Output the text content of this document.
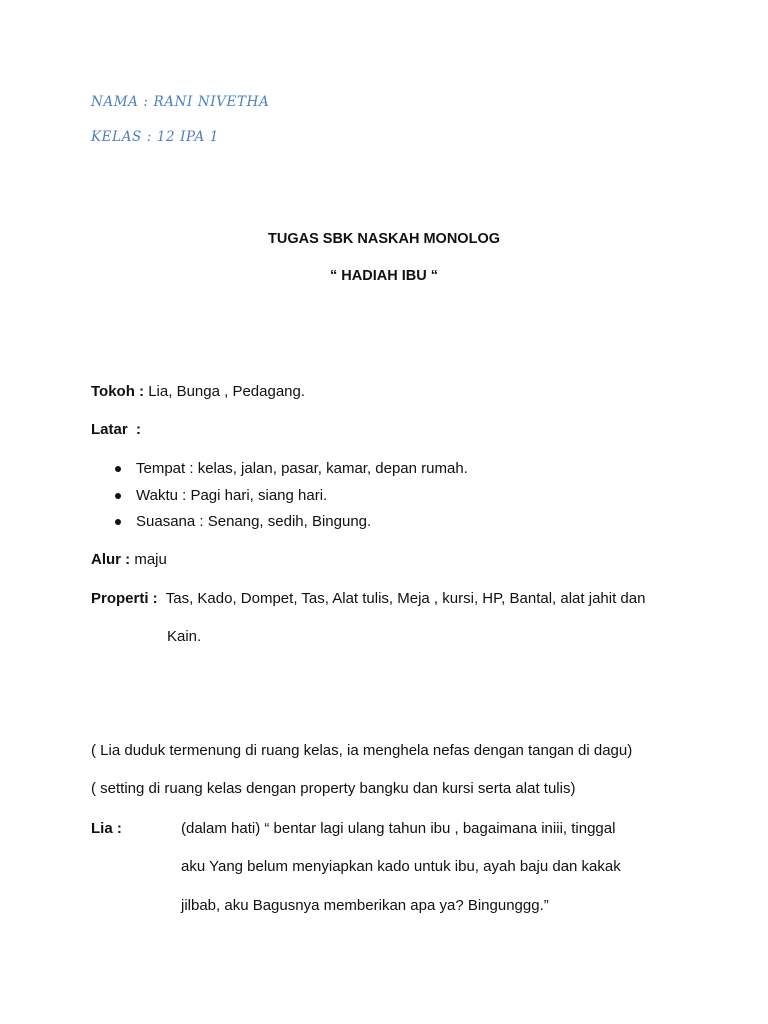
NAMA : RANI NIVETHA
KELAS : 12 IPA 1
TUGAS SBK NASKAH MONOLOG
“ HADIAH IBU “
Tokoh : Lia, Bunga , Pedagang.
Latar  :
Tempat : kelas, jalan, pasar, kamar, depan rumah.
Waktu : Pagi hari, siang hari.
Suasana : Senang, sedih, Bingung.
Alur : maju
Properti :  Tas, Kado, Dompet, Tas, Alat tulis, Meja , kursi, HP, Bantal, alat jahit dan
Kain.
( Lia duduk termenung di ruang kelas, ia menghela nefas dengan tangan di dagu)
( setting di ruang kelas dengan property bangku dan kursi serta alat tulis)
Lia :	(dalam hati) “ bentar lagi ulang tahun ibu , bagaimana iniii, tinggal
aku Yang belum menyiapkan kado untuk ibu, ayah baju dan kakak
jilbab, aku Bagusnya memberikan apa ya? Bingunggg.”
